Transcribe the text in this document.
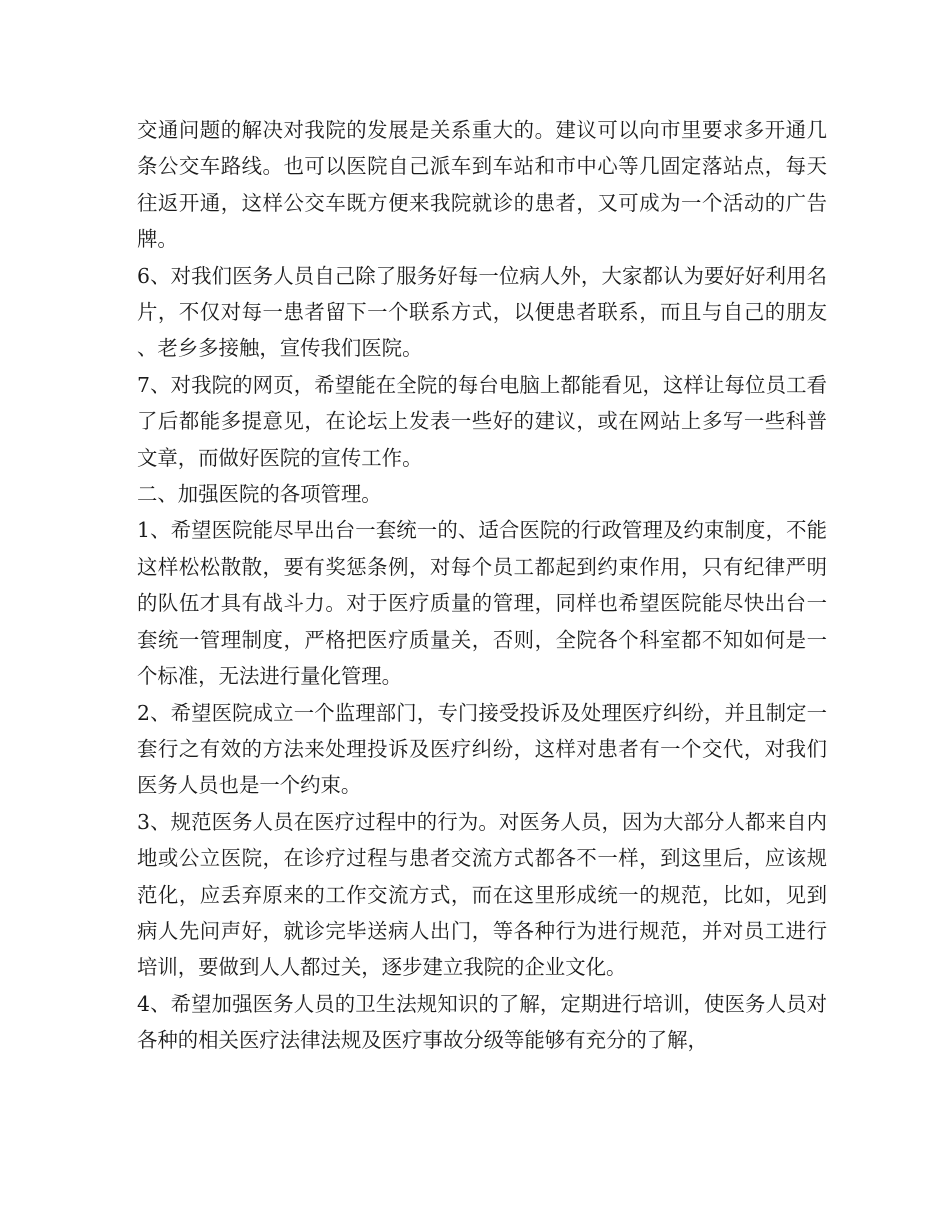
交通问题的解决对我院的发展是关系重大的。建议可以向市里要求多开通几条公交车路线。也可以医院自己派车到车站和市中心等几固定落站点，每天往返开通，这样公交车既方便来我院就诊的患者，又可成为一个活动的广告牌。

6、对我们医务人员自己除了服务好每一位病人外，大家都认为要好好利用名片，不仅对每一患者留下一个联系方式，以便患者联系，而且与自己的朋友、老乡多接触，宣传我们医院。

7、对我院的网页，希望能在全院的每台电脑上都能看见，这样让每位员工看了后都能多提意见，在论坛上发表一些好的建议，或在网站上多写一些科普文章，而做好医院的宣传工作。

二、加强医院的各项管理。

1、希望医院能尽早出台一套统一的、适合医院的行政管理及约束制度，不能这样松松散散，要有奖惩条例，对每个员工都起到约束作用，只有纪律严明的队伍才具有战斗力。对于医疗质量的管理，同样也希望医院能尽快出台一套统一管理制度，严格把医疗质量关，否则，全院各个科室都不知如何是一个标准，无法进行量化管理。

2、希望医院成立一个监理部门，专门接受投诉及处理医疗纠纷，并且制定一套行之有效的方法来处理投诉及医疗纠纷，这样对患者有一个交代，对我们医务人员也是一个约束。

3、规范医务人员在医疗过程中的行为。对医务人员，因为大部分人都来自内地或公立医院，在诊疗过程与患者交流方式都各不一样，到这里后，应该规范化，应丢弃原来的工作交流方式，而在这里形成统一的规范，比如，见到病人先问声好，就诊完毕送病人出门，等各种行为进行规范，并对员工进行培训，要做到人人都过关，逐步建立我院的企业文化。

4、希望加强医务人员的卫生法规知识的了解，定期进行培训，使医务人员对各种的相关医疗法律法规及医疗事故分级等能够有充分的了解，
